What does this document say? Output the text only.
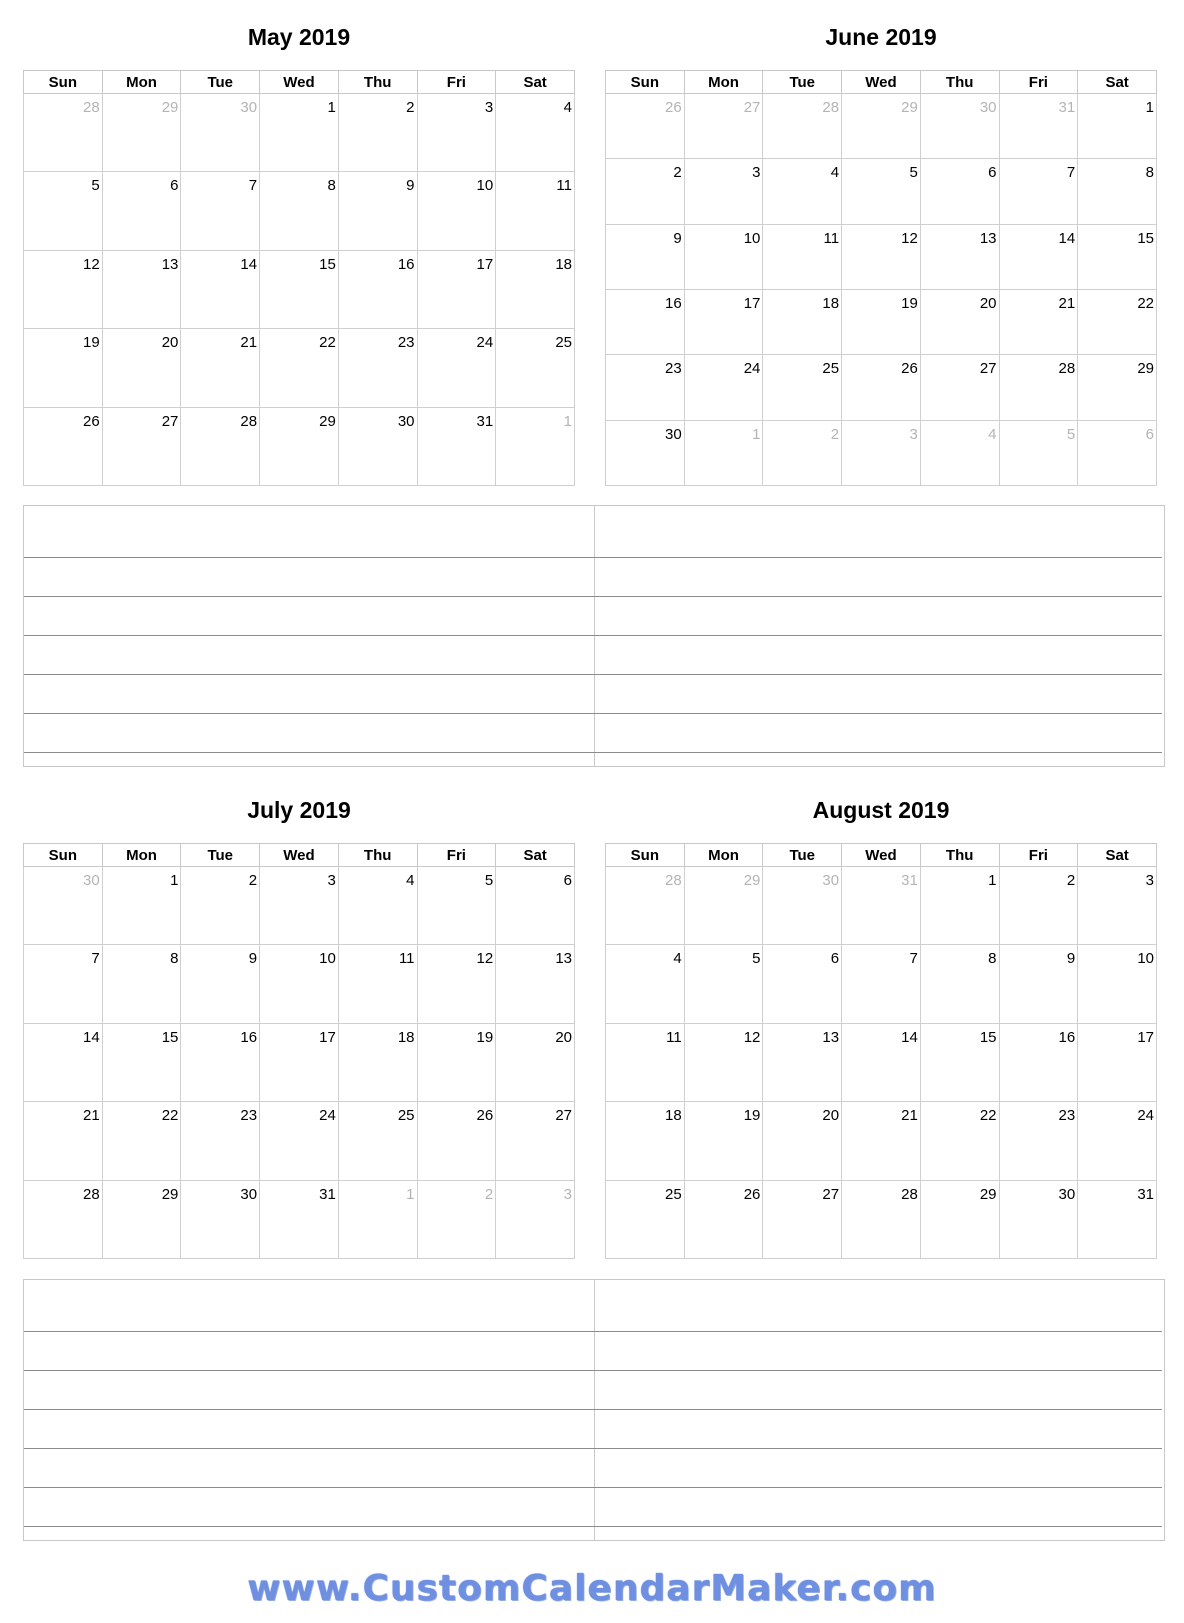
May 2019
Sun	Mon	Tue	Wed	Thu	Fri	Sat
28	29	30	1	2	3	4
5	6	7	8	9	10	11
12	13	14	15	16	17	18
19	20	21	22	23	24	25
26	27	28	29	30	31	1
June 2019
Sun	Mon	Tue	Wed	Thu	Fri	Sat
26	27	28	29	30	31	1
2	3	4	5	6	7	8
9	10	11	12	13	14	15
16	17	18	19	20	21	22
23	24	25	26	27	28	29
30	1	2	3	4	5	6
July 2019
Sun	Mon	Tue	Wed	Thu	Fri	Sat
30	1	2	3	4	5	6
7	8	9	10	11	12	13
14	15	16	17	18	19	20
21	22	23	24	25	26	27
28	29	30	31	1	2	3
August 2019
Sun	Mon	Tue	Wed	Thu	Fri	Sat
28	29	30	31	1	2	3
4	5	6	7	8	9	10
11	12	13	14	15	16	17
18	19	20	21	22	23	24
25	26	27	28	29	30	31
www.CustomCalendarMaker.com
